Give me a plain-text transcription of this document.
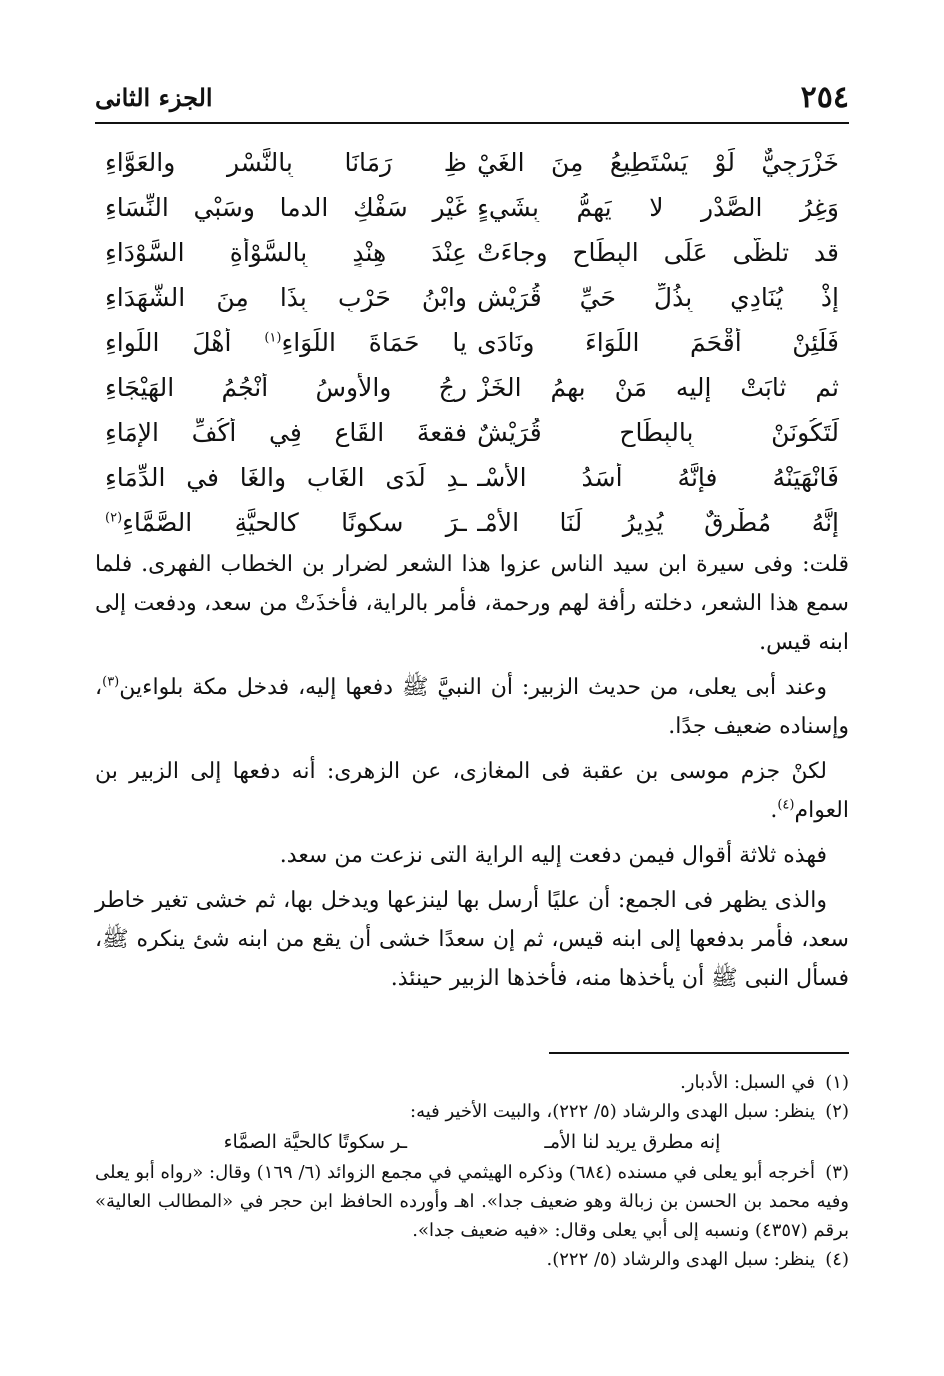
٢٥٤
الجزء الثانى
خَزْرَجِيٌّ لَوْ يَسْتَطِيعُ مِنَ الغَيْ
ظِ رَمَانَا بِالنَّسْرِ والعَوَّاءِ
وَغِرُ الصَّدْرِ لا يَهِمُّ بِشَيءٍ
غَيْرِ سَفْكِ الدما وسَبْيِ النِّسَاءِ
قد تلظَّى عَلَى البِطَاحِ وجاءَتْ
عِنْدَ هِنْدٍ بِالسَّوْأَةِ السَّوْدَاءِ
إِذْ يُنَادِي بِذُلِّ حَيِّ قُرَيْشٍ
وابْنُ حَرْبٍ بِذَا مِنَ الشُّهَدَاءِ
فَلَئِنْ أَقْحَمَ اللِّوَاءَ ونَادَى
يا حَمَاةَ اللِّوَاءِ$^{(١)}$ أَهْلَ اللِّواءِ
ثم ثابَتْ إليه مَنْ بهمُ الخَزْ
رجُ والأوسُ أَنْجُمُ الهَيْجَاءِ
لَتَكُونَنْ بِالبِطَاحِ قُرَيْشٌ
فقعةَ القَاعِ فِي أَكُفِّ الإِمَاءِ
فَانْهَيَنْهُ فإنَّهُ أَسَدُ الأُسْـ
ـدِ لَدَى الغَابِ والغَا في الدِّمَاءِ
إِنَّهُ مُطْرِقٌ يُدِيرُ لَنَا الأمْـ
ـرَ سكونًا كالحيَّةِ الصَّمَّاءِ$^{(٢)}$

قلت: وفى سيرة ابن سيد الناس عزوا هذا الشعر لضرار بن الخطاب الفهرى. فلما سمع هذا الشعر، دخلته رأفة لهم ورحمة، فأمر بالراية، فأخذَتْ من سعد، ودفعت إلى ابنه قيس.

وعند أبى يعلى، من حديث الزبير: أن النبيَّ ﷺ دفعها إليه، فدخل مكة بلواءين$^{(٣)}$، وإسناده ضعيف جدًا.

لكنْ جزم موسى بن عقبة فى المغازى، عن الزهرى: أنه دفعها إلى الزبير بن العوام$^{(٤)}$.

فهذه ثلاثة أقوال فيمن دفعت إليه الراية التى نزعت من سعد.

والذى يظهر فى الجمع: أن عليًا أرسل بها لينزعها ويدخل بها، ثم خشى تغير خاطر سعد، فأمر بدفعها إلى ابنه قيس، ثم إن سعدًا خشى أن يقع من ابنه شئ ينكره ﷺ، فسأل النبى ﷺ أن يأخذها منه، فأخذها الزبير حينئذ.

(١)في السبل: الأدبار.

(٢)ينظر: سبل الهدى والرشاد (٥/ ٢٢٢)، والبيت الأخير فيه:

إنه مطرق يريد لنا الأمـ
ـر سكوتًا كالحيَّة الصمَّاء

(٣)أخرجه أبو يعلى في مسنده (٦٨٤) وذكره الهيثمي في مجمع الزوائد (٦/ ١٦٩) وقال: «رواه أبو يعلى وفيه محمد بن الحسن بن زبالة وهو ضعيف جدا». اهـ وأورده الحافظ ابن حجر في «المطالب العالية» برقم (٤٣٥٧) ونسبه إلى أبي يعلى وقال: «فيه ضعيف جدا».

(٤)ينظر: سبل الهدى والرشاد (٥/ ٢٢٢).
